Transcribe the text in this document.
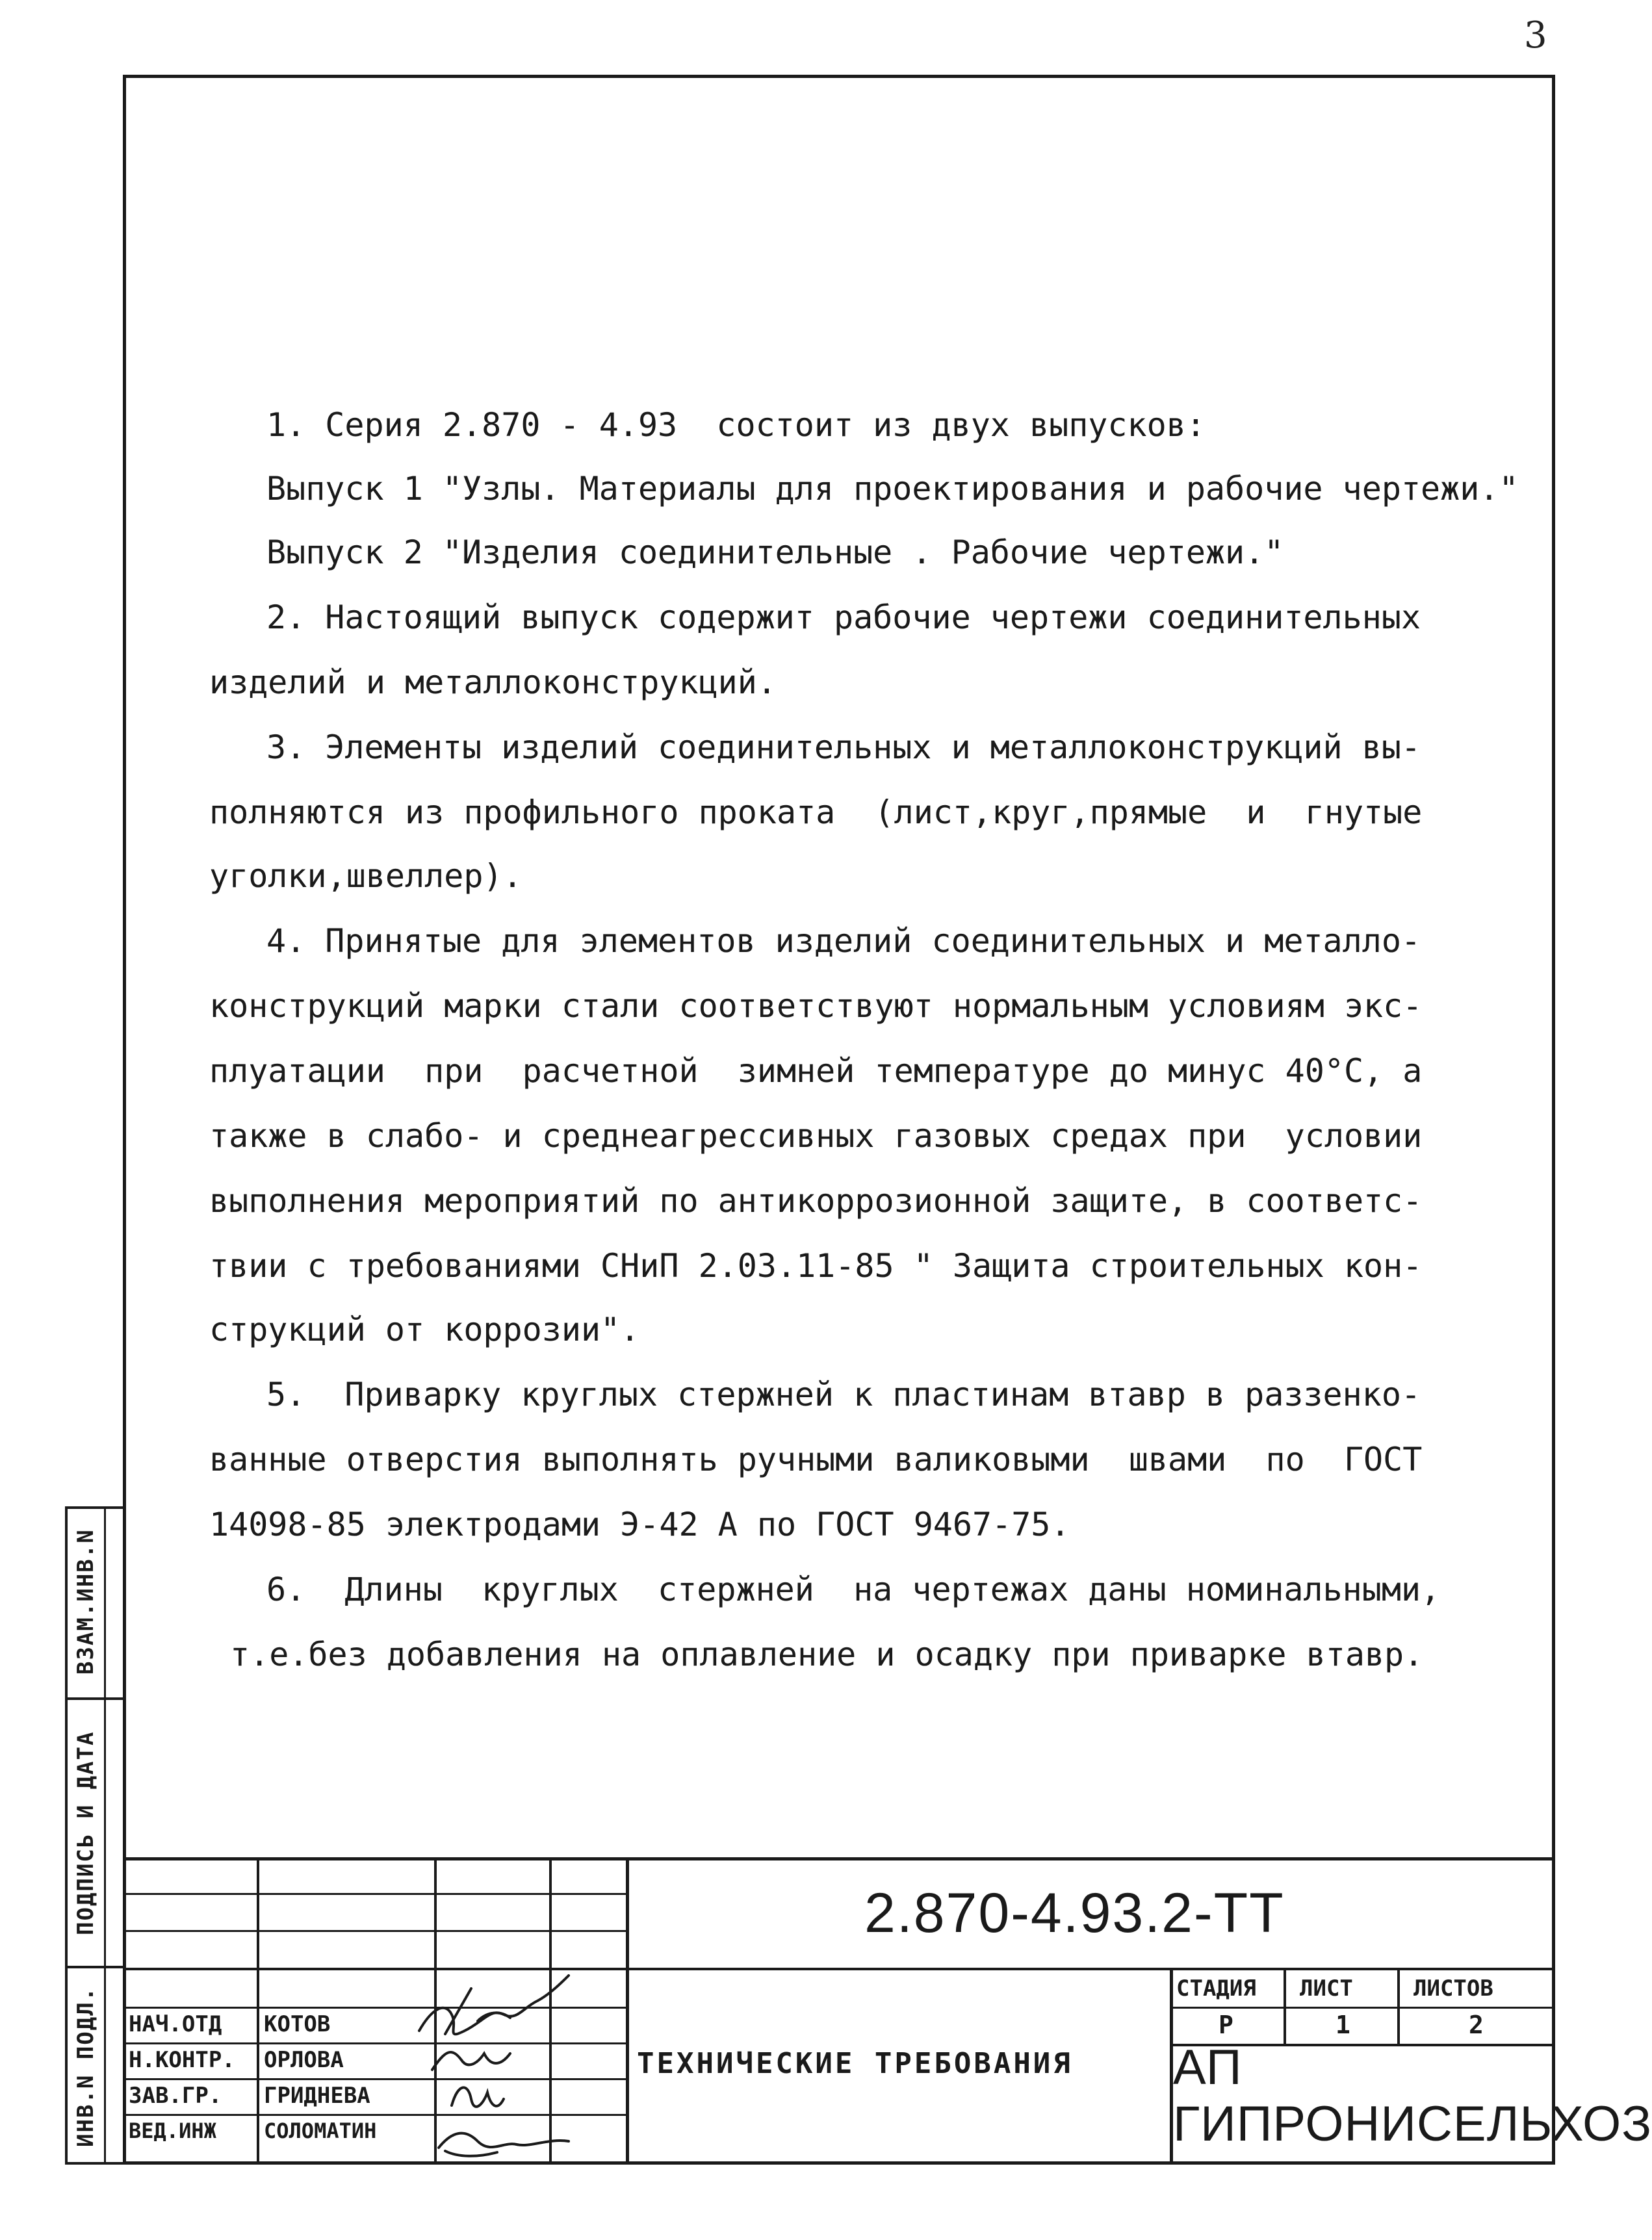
3
1. Серия 2.870 - 4.93  состоит из двух выпусков:
Выпуск 1 "Узлы. Материалы для проектирования и рабочие чертежи."
Выпуск 2 "Изделия соединительные . Рабочие чертежи."
2. Настоящий выпуск содержит рабочие чертежи соединительных
изделий и металлоконструкций.
3. Элементы изделий соединительных и металлоконструкций вы-
полняются из профильного проката  (лист,круг,прямые  и  гнутые
уголки,швеллер).
4. Принятые для элементов изделий соединительных и металло-
конструкций марки стали соответствуют нормальным условиям экс-
плуатации  при  расчетной  зимней температуре до минус 40°С, а
также в слабо- и среднеагрессивных газовых средах при  условии
выполнения мероприятий по антикоррозионной защите, в соответс-
твии с требованиями СНиП 2.03.11-85 " Защита строительных кон-
струкций от коррозии".
5.  Приварку круглых стержней к пластинам втавр в раззенко-
ванные отверстия выполнять ручными валиковыми  швами  по  ГОСТ
14098-85 электродами Э-42 А по ГОСТ 9467-75.
6.  Длины  круглых  стержней  на чертежах даны номинальными,
т.е.без добавления на оплавление и осадку при приварке втавр.
ВЗАМ.ИНВ.N
ПОДПИСЬ И ДАТА
ИНВ.N ПОДЛ.
2.870-4.93.2-ТТ
НАЧ.ОТД КОТОВ
Н.КОНТР. ОРЛОВА
ЗАВ.ГР. ГРИДНЕВА
ВЕД.ИНЖ СОЛОМАТИН
ТЕХНИЧЕСКИЕ ТРЕБОВАНИЯ
СТАДИЯ ЛИСТ	ЛИСТОВ
Р	1	2
АП ГИПРОНИСЕЛЬХОЗ
